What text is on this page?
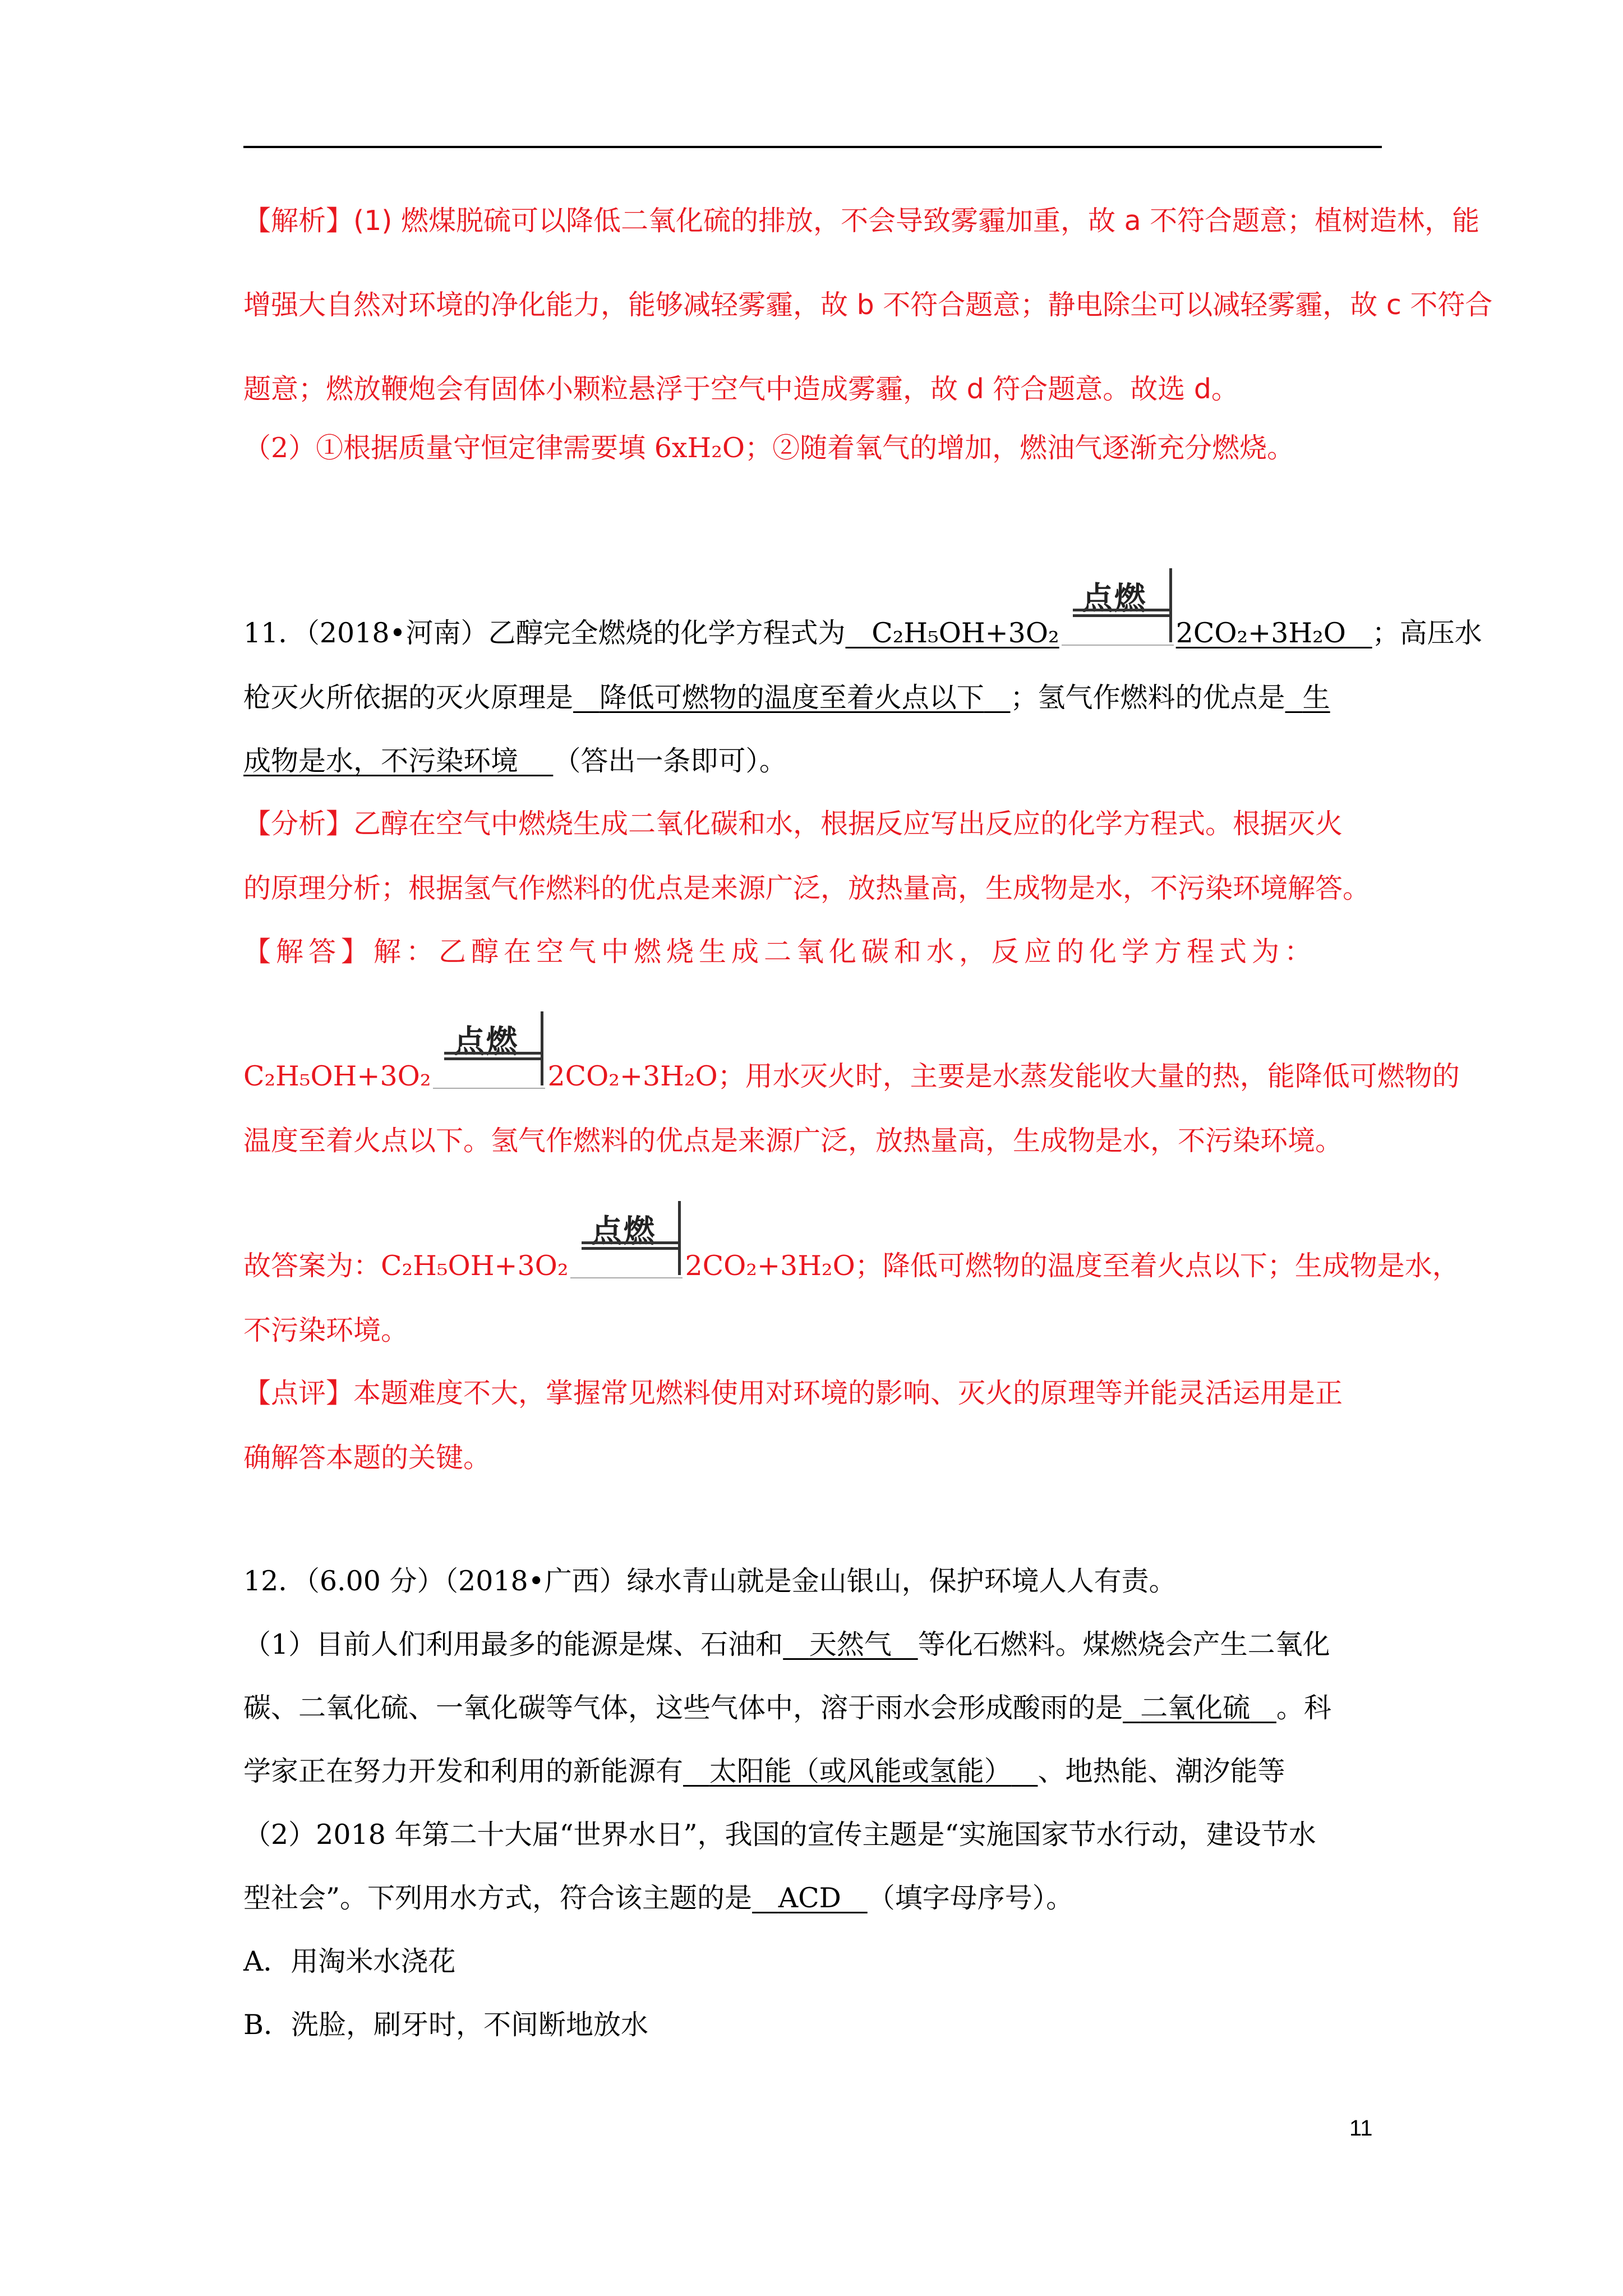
【解析】(1) 燃煤脱硫可以降低二氧化硫的排放，不会导致雾霾加重，故 a 不符合题意；植树造林，能
增强大自然对环境的净化能力，能够减轻雾霾，故 b 不符合题意；静电除尘可以减轻雾霾，故 c 不符合
题意；燃放鞭炮会有固体小颗粒悬浮于空气中造成雾霾，故 d 符合题意。故选 d。
（2）①根据质量守恒定律需要填 6xH₂O；②随着氧气的增加，燃油气逐渐充分燃烧。
11．（2018•河南）乙醇完全燃烧的化学方程式为 C₂H₅OH+3O₂
点燃
2CO₂+3H₂O ；高压水
枪灭火所依据的灭火原理是 降低可燃物的温度至着火点以下 ；氢气作燃料的优点是 生
成物是水，不污染环境 （答出一条即可）。
【分析】乙醇在空气中燃烧生成二氧化碳和水，根据反应写出反应的化学方程式。根据灭火
的原理分析；根据氢气作燃料的优点是来源广泛，放热量高，生成物是水，不污染环境解答。
【解答】解：乙醇在空气中燃烧生成二氧化碳和水，反应的化学方程式为：
C₂H₅OH+3O₂
点燃
2CO₂+3H₂O；用水灭火时，主要是水蒸发能收大量的热，能降低可燃物的
温度至着火点以下。氢气作燃料的优点是来源广泛，放热量高，生成物是水，不污染环境。
故答案为：C₂H₅OH+3O₂
点燃
2CO₂+3H₂O；降低可燃物的温度至着火点以下；生成物是水，
不污染环境。
【点评】本题难度不大，掌握常见燃料使用对环境的影响、灭火的原理等并能灵活运用是正
确解答本题的关键。
12．（6.00 分）（2018•广西）绿水青山就是金山银山，保护环境人人有责。
（1）目前人们利用最多的能源是煤、石油和 天然气 等化石燃料。煤燃烧会产生二氧化
碳、二氧化硫、一氧化碳等气体，这些气体中，溶于雨水会形成酸雨的是 二氧化硫 。科
学家正在努力开发和利用的新能源有 太阳能（或风能或氢能） 、地热能、潮汐能等
（2）2018 年第二十大届“世界水日”，我国的宣传主题是“实施国家节水行动，建设节水
型社会”。下列用水方式，符合该主题的是 ACD （填字母序号）。
A．用淘米水浇花
B．洗脸，刷牙时，不间断地放水
11
